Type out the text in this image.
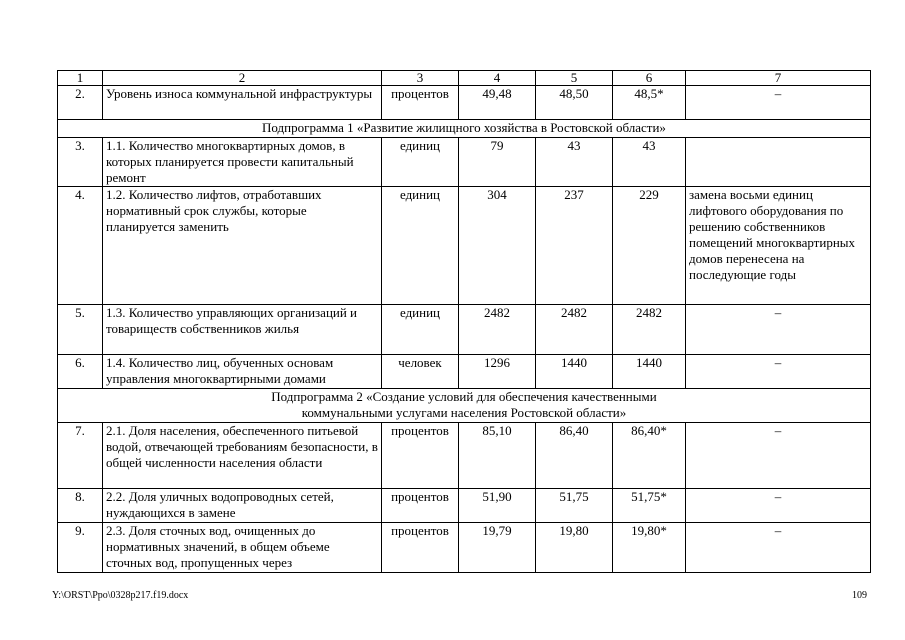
1	2	3	4	5	6	7
2.	Уровень износа коммунальной инфраструктуры	процентов	49,48	48,50	48,5*	–
Подпрограмма 1 «Развитие жилищного хозяйства в Ростовской области»						
3.	1.1. Количество многоквартирных домов, в которых планируется провести капитальный ремонт	единиц	79	43	43	
4.	1.2. Количество лифтов, отработавших нормативный срок службы, которые планируется заменить	единиц	304	237	229	замена восьми единиц лифтового оборудования по решению собственников помещений многоквартирных домов перенесена на последующие годы
5.	1.3. Количество управляющих организаций и товариществ собственников жилья	единиц	2482	2482	2482	–
6.	1.4. Количество лиц, обученных основам управления многоквартирными домами	человек	1296	1440	1440	–
Подпрограмма 2 «Создание условий для обеспечения качественными коммунальными услугами населения Ростовской области»						
7.	2.1. Доля населения, обеспеченного питьевой водой, отвечающей требованиям безопасности, в общей численности населения области	процентов	85,10	86,40	86,40*	–
8.	2.2. Доля уличных водопроводных сетей, нуждающихся в замене	процентов	51,90	51,75	51,75*	–
9.	2.3. Доля сточных вод, очищенных до нормативных значений, в общем объеме сточных вод, пропущенных через	процентов	19,79	19,80	19,80*	–
Y:\ORST\Ppo\0328p217.f19.docx	109
